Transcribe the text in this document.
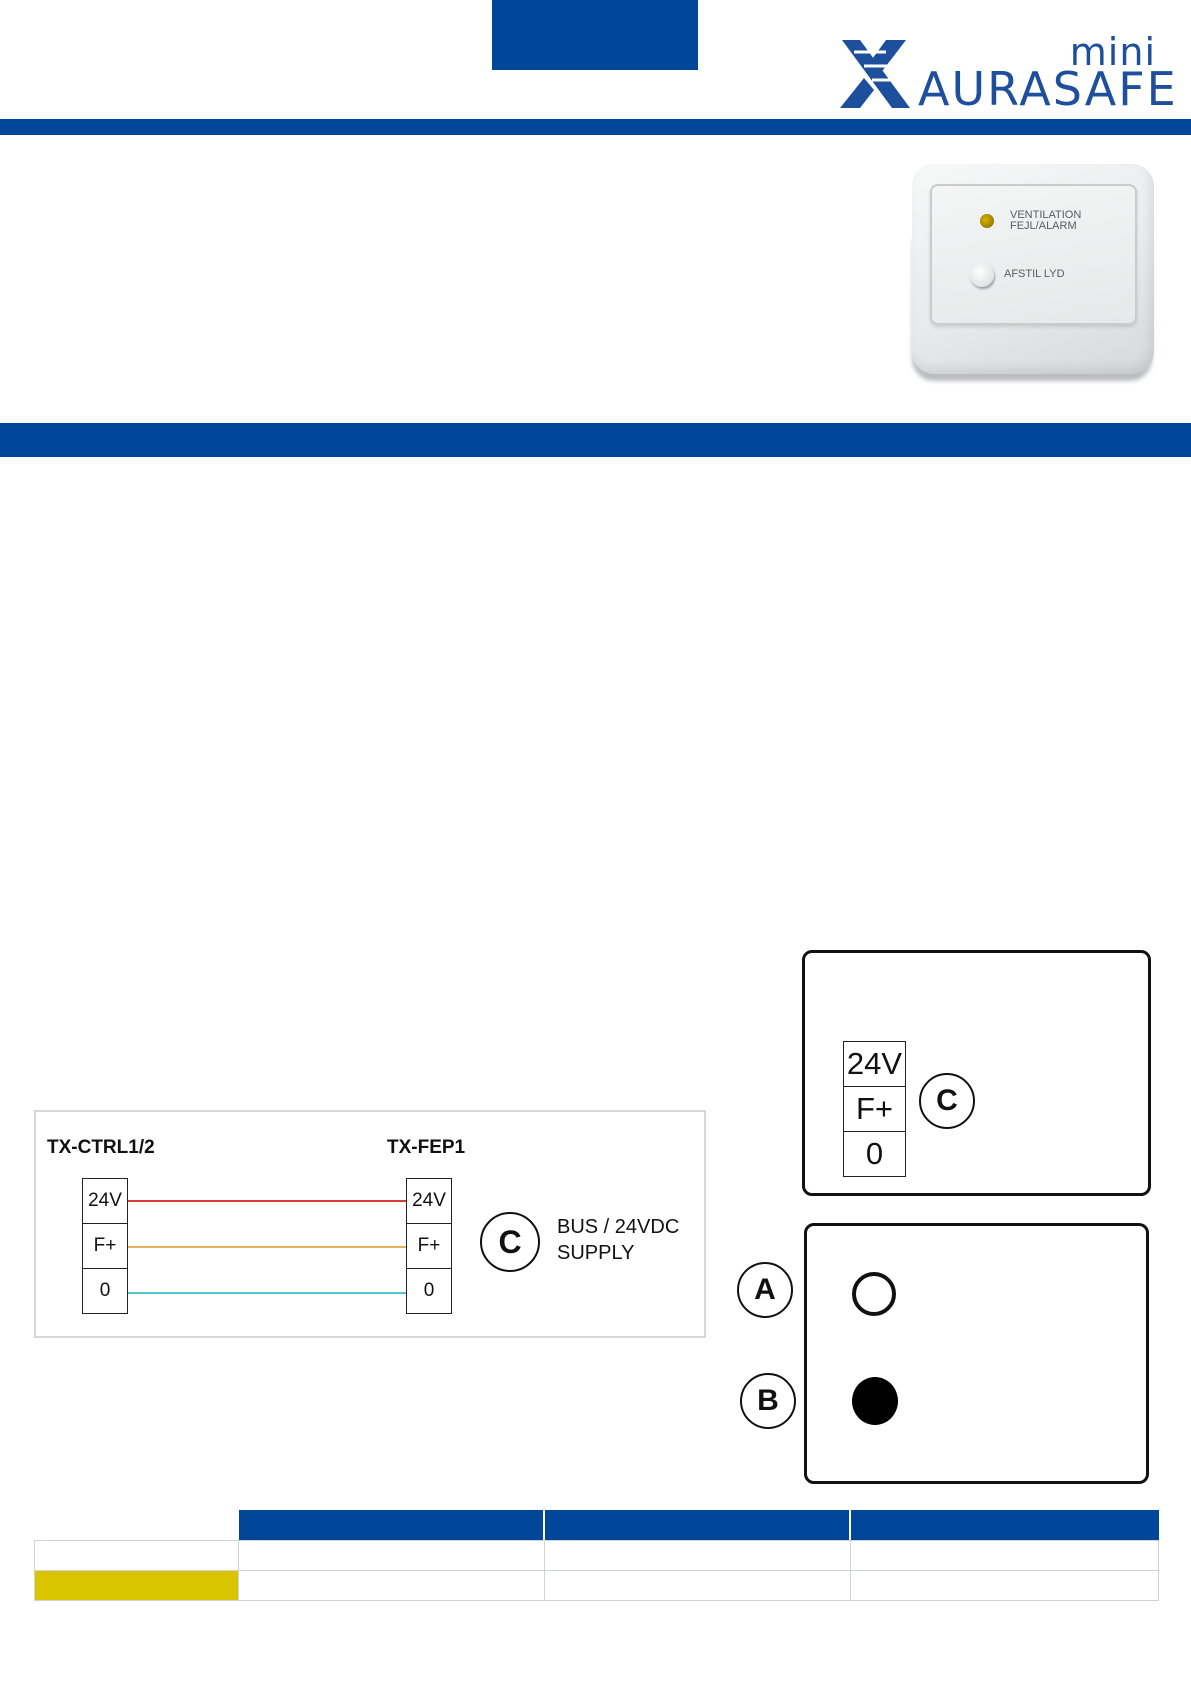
mini
AURASAFE
VENTILATION
FEJL/ALARM
AFSTIL LYD
TX-CTRL1/2	TX-FEP1
24V
F+
0
24V
F+
0
C	BUS / 24VDC
SUPPLY
24V
F+
0
C
A
B
